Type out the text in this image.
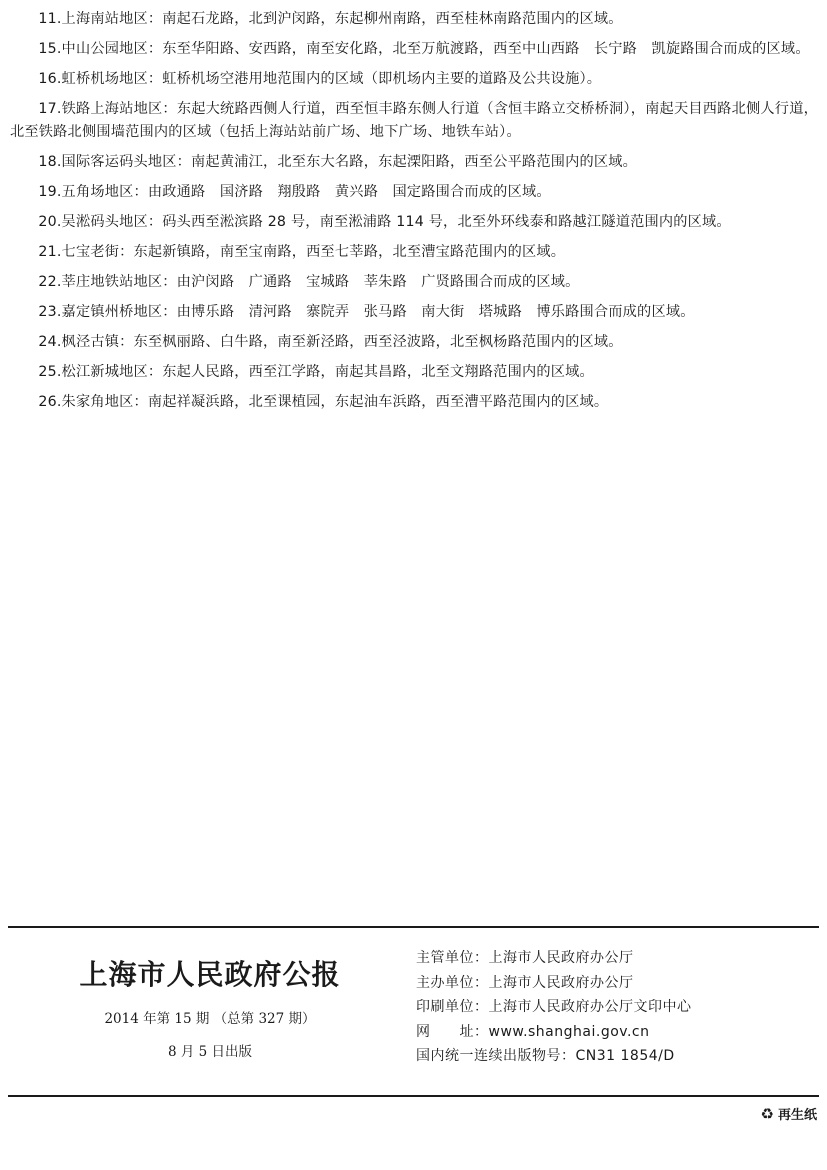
11.上海南站地区：南起石龙路，北到沪闵路，东起柳州南路，西至桂林南路范围内的区域。

15.中山公园地区：东至华阳路、安西路，南至安化路，北至万航渡路，西至中山西路　长宁路　凯旋路围合而成的区域。

16.虹桥机场地区：虹桥机场空港用地范围内的区域（即机场内主要的道路及公共设施）。

17.铁路上海站地区：东起大统路西侧人行道，西至恒丰路东侧人行道（含恒丰路立交桥桥洞），南起天目西路北侧人行道，北至铁路北侧围墙范围内的区域（包括上海站站前广场、地下广场、地铁车站）。

18.国际客运码头地区：南起黄浦江，北至东大名路，东起溧阳路，西至公平路范围内的区域。

19.五角场地区：由政通路　国济路　翔殷路　黄兴路　国定路围合而成的区域。

20.吴淞码头地区：码头西至淞滨路 28 号，南至淞浦路 114 号，北至外环线泰和路越江隧道范围内的区域。

21.七宝老街：东起新镇路，南至宝南路，西至七莘路，北至漕宝路范围内的区域。

22.莘庄地铁站地区：由沪闵路　广通路　宝城路　莘朱路　广贤路围合而成的区域。

23.嘉定镇州桥地区：由博乐路　清河路　寨院弄　张马路　南大街　塔城路　博乐路围合而成的区域。

24.枫泾古镇：东至枫丽路、白牛路，南至新泾路，西至泾波路，北至枫杨路范围内的区域。

25.松江新城地区：东起人民路，西至江学路，南起其昌路，北至文翔路范围内的区域。

26.朱家角地区：南起祥凝浜路，北至课植园，东起油车浜路，西至漕平路范围内的区域。

上海市人民政府公报
2014 年第 15 期 （总第 327 期）
8 月 5 日出版
主管单位：上海市人民政府办公厅
主办单位：上海市人民政府办公厅
印刷单位：上海市人民政府办公厅文印中心
网　　址：www.shanghai.gov.cn
国内统一连续出版物号：CN31 1854/D
♻ 再生纸
